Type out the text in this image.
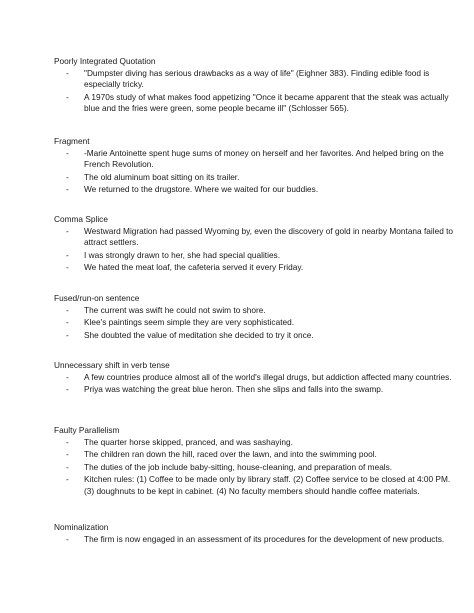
Poorly Integrated Quotation
-	"Dumpster diving has serious drawbacks as a way of life" (Eighner 383). Finding edible food is especially tricky.
-	A 1970s study of what makes food appetizing "Once it became apparent that the steak was actually blue and the fries were green, some people became ill" (Schlosser 565).
Fragment
-	-Marie Antoinette spent huge sums of money on herself and her favorites. And helped bring on the French Revolution.
-	The old aluminum boat sitting on its trailer.
-	We returned to the drugstore. Where we waited for our buddies.
Comma Splice
-	Westward Migration had passed Wyoming by, even the discovery of gold in nearby Montana failed to attract settlers.
-	I was strongly drawn to her, she had special qualities.
-	We hated the meat loaf, the cafeteria served it every Friday.
Fused/run-on sentence
-	The current was swift he could not swim to shore.
-	Klee's paintings seem simple they are very sophisticated.
-	She doubted the value of meditation she decided to try it once.
Unnecessary shift in verb tense
-	A few countries produce almost all of the world's illegal drugs, but addiction affected many countries.
-	Priya was watching the great blue heron. Then she slips and falls into the swamp.
Faulty Parallelism
-	The quarter horse skipped, pranced, and was sashaying.
-	The children ran down the hill, raced over the lawn, and into the swimming pool.
-	The duties of the job include baby-sitting, house-cleaning, and preparation of meals.
-	Kitchen rules: (1) Coffee to be made only by library staff. (2) Coffee service to be closed at 4:00 PM. (3) doughnuts to be kept in cabinet. (4) No faculty members should handle coffee materials.
Nominalization
-	The firm is now engaged in an assessment of its procedures for the development of new products.
